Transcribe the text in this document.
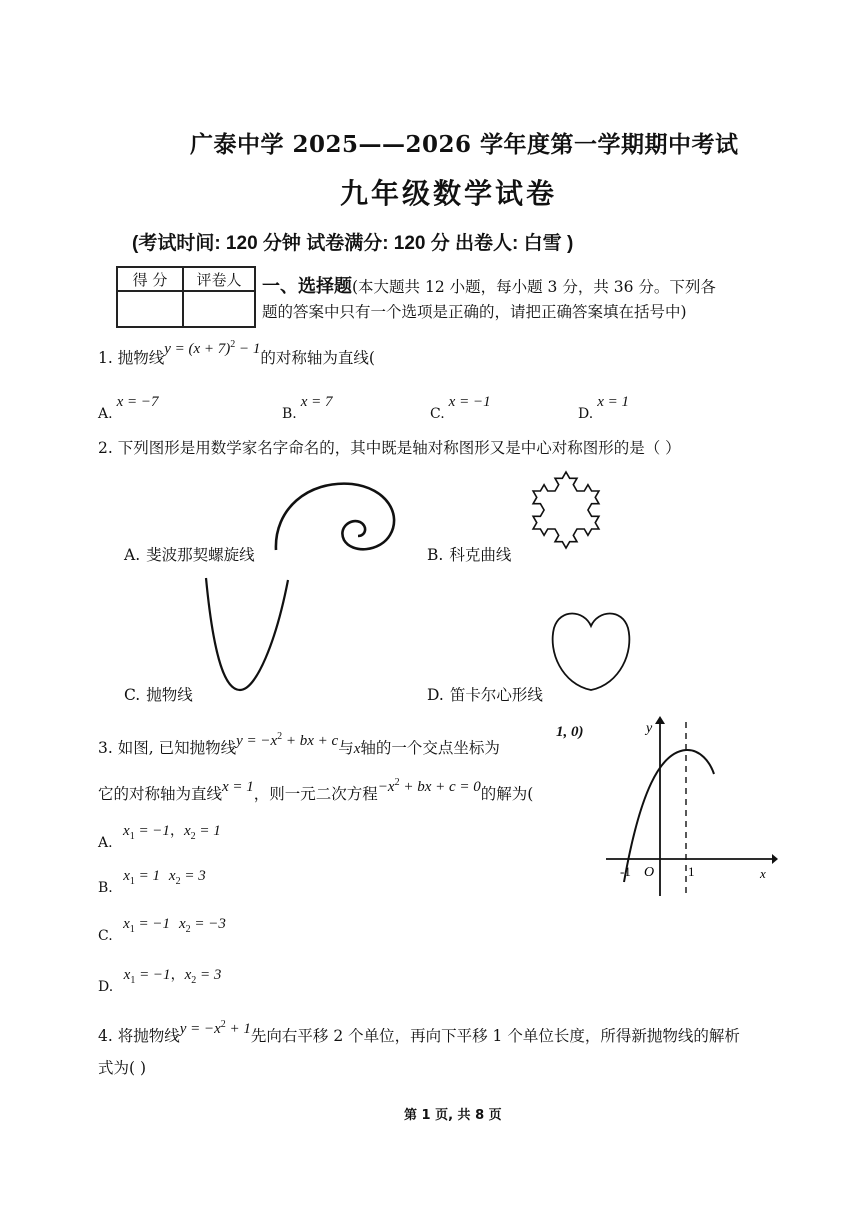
广泰中学 2025——2026 学年度第一学期期中考试
九年级数学试卷
(考试时间: 120 分钟 试卷满分: 120 分 出卷人: 白雪 )
得 分	评卷人
	一、选择题(本大题共 12 小题，每小题 3 分，共 36 分。下列各
题的答案中只有一个选项是正确的，请把正确答案填在括号中)
1. 抛物线$y = (x + 7)^2 - 1$的对称轴为直线(
A.x = −7
B.x = 7
C.x = −1
D.x = 1
2. 下列图形是用数学家名字命名的，其中既是轴对称图形又是中心对称图形的是（ ）
A. 斐波那契螺旋线	B. 科克曲线
C. 抛物线	D. 笛卡尔心形线
3. 如图, 已知抛物线$y = -x^2$ + bx + c与x轴的一个交点坐标为
1, 0)
它的对称轴为直线x = 1，则一元二次方程$-x^2$ + bx + c = 0的解为(
A. $x_1 = -1$，$x_2 = 1$
B. $x_1 = 1$ $x_2 = 3$
C. $x_1 = -1$ $x_2 = -3$
D. $x_1 = -1$，$x_2 = 3$
y
x
-1 O	1
4. 将抛物线$y = -x^2 + 1$先向右平移 2 个单位，再向下平移 1 个单位长度，所得新抛物线的解析
式为( )
第 1 页, 共 8 页
